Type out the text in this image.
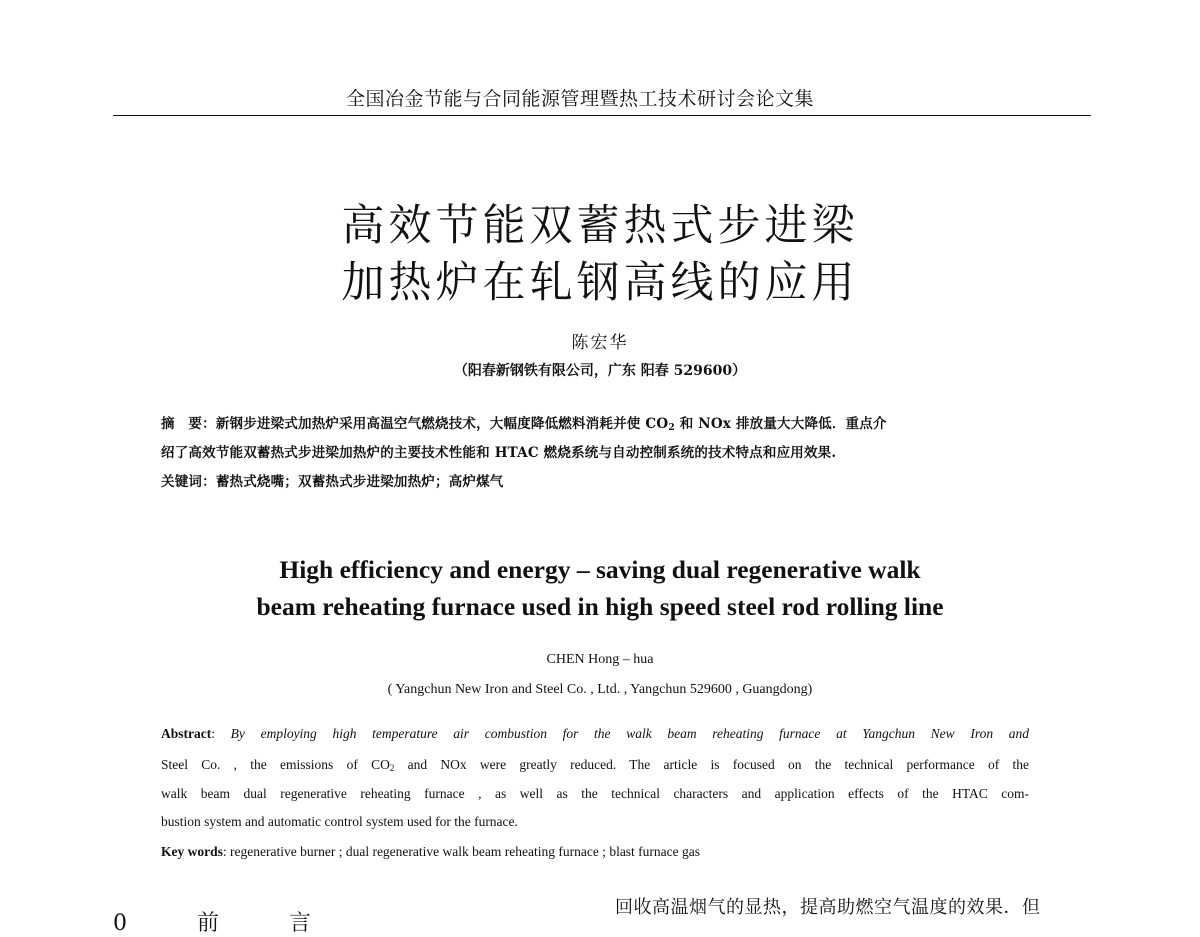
全国冶金节能与合同能源管理暨热工技术研讨会论文集
高效节能双蓄热式步进梁
加热炉在轧钢高线的应用
陈宏华
（阳春新钢铁有限公司，广东 阳春 529600）
摘　要：新钢步进梁式加热炉采用高温空气燃烧技术，大幅度降低燃料消耗并使 $CO_2$ 和 NOx 排放量大大降低．重点介
绍了高效节能双蓄热式步进梁加热炉的主要技术性能和 HTAC 燃烧系统与自动控制系统的技术特点和应用效果.
关键词：蓄热式烧嘴；双蓄热式步进梁加热炉；高炉煤气
High efficiency and energy – saving dual regenerative walk
beam reheating furnace used in high speed steel rod rolling line
CHEN Hong – hua
( Yangchun New Iron and Steel Co. , Ltd. , Yangchun 529600 , Guangdong)
Abstract: By employing high temperature air combustion for the walk beam reheating furnace at Yangchun New Iron and
Steel Co. , the emissions of $CO_2$ and NOx were greatly reduced. The article is focused on the technical performance of the
walk beam dual regenerative reheating furnace , as well as the technical characters and application effects of the HTAC com-
bustion system and automatic control system used for the furnace.
Key words: regenerative burner ; dual regenerative walk beam reheating furnace ; blast furnace gas
0　前　言
回收高温烟气的显热，提高助燃空气温度的效果．但
